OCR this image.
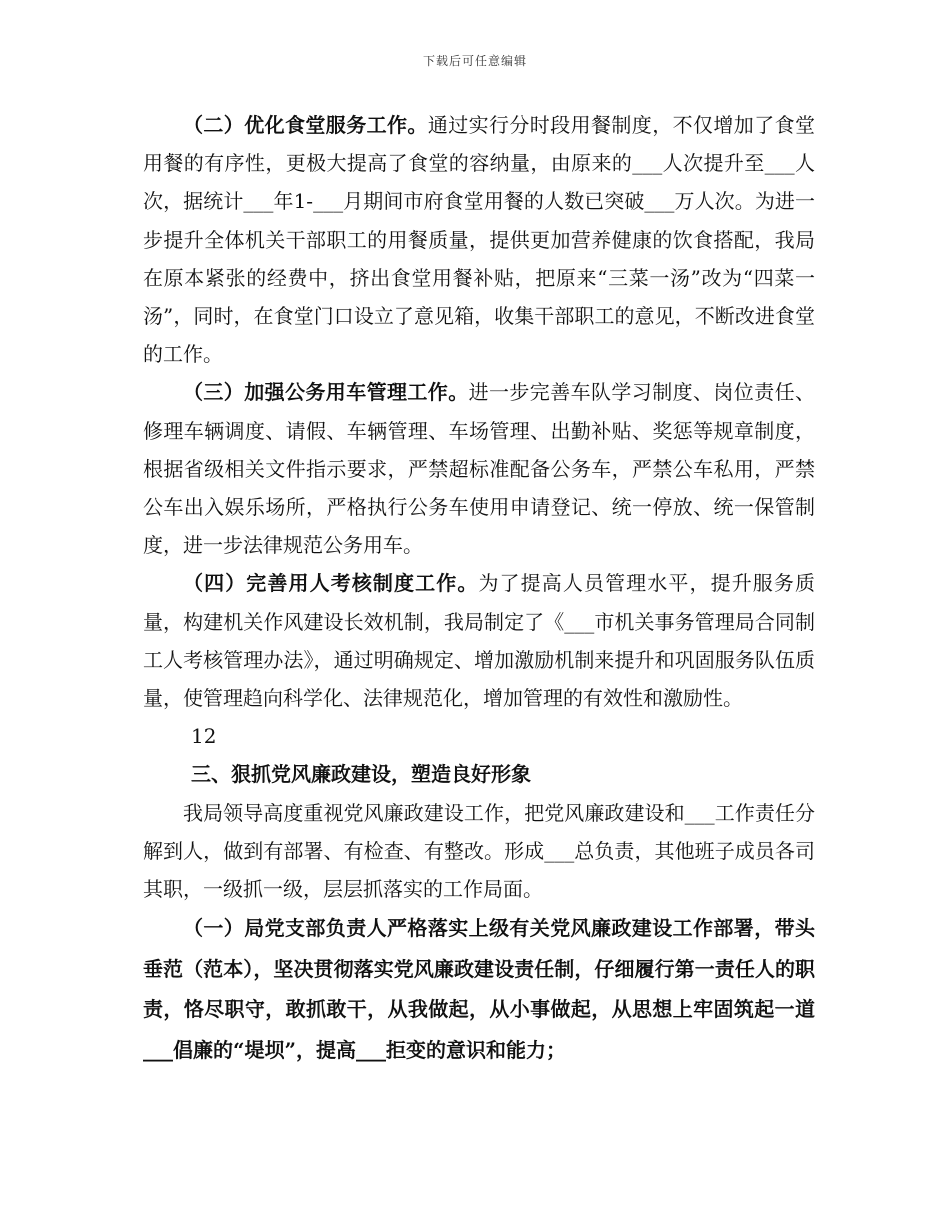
下载后可任意编辑

（二）优化食堂服务工作。通过实行分时段用餐制度，不仅增加了食堂用餐的有序性，更极大提高了食堂的容纳量，由原来的___人次提升至___人次，据统计___年1-___月期间市府食堂用餐的人数已突破___万人次。为进一步提升全体机关干部职工的用餐质量，提供更加营养健康的饮食搭配，我局在原本紧张的经费中，挤出食堂用餐补贴，把原来“三菜一汤”改为“四菜一汤”，同时，在食堂门口设立了意见箱，收集干部职工的意见，不断改进食堂的工作。

（三）加强公务用车管理工作。进一步完善车队学习制度、岗位责任、修理车辆调度、请假、车辆管理、车场管理、出勤补贴、奖惩等规章制度，根据省级相关文件指示要求，严禁超标准配备公务车，严禁公车私用，严禁公车出入娱乐场所，严格执行公务车使用申请登记、统一停放、统一保管制度，进一步法律规范公务用车。

（四）完善用人考核制度工作。为了提高人员管理水平，提升服务质量，构建机关作风建设长效机制，我局制定了《___市机关事务管理局合同制工人考核管理办法》，通过明确规定、增加激励机制来提升和巩固服务队伍质量，使管理趋向科学化、法律规范化，增加管理的有效性和激励性。

12

三、狠抓党风廉政建设，塑造良好形象

我局领导高度重视党风廉政建设工作，把党风廉政建设和___工作责任分解到人，做到有部署、有检查、有整改。形成___总负责，其他班子成员各司其职，一级抓一级，层层抓落实的工作局面。

（一）局党支部负责人严格落实上级有关党风廉政建设工作部署，带头垂范（范本），坚决贯彻落实党风廉政建设责任制，仔细履行第一责任人的职责，恪尽职守，敢抓敢干，从我做起，从小事做起，从思想上牢固筑起一道___倡廉的“堤坝”，提高___拒变的意识和能力；
